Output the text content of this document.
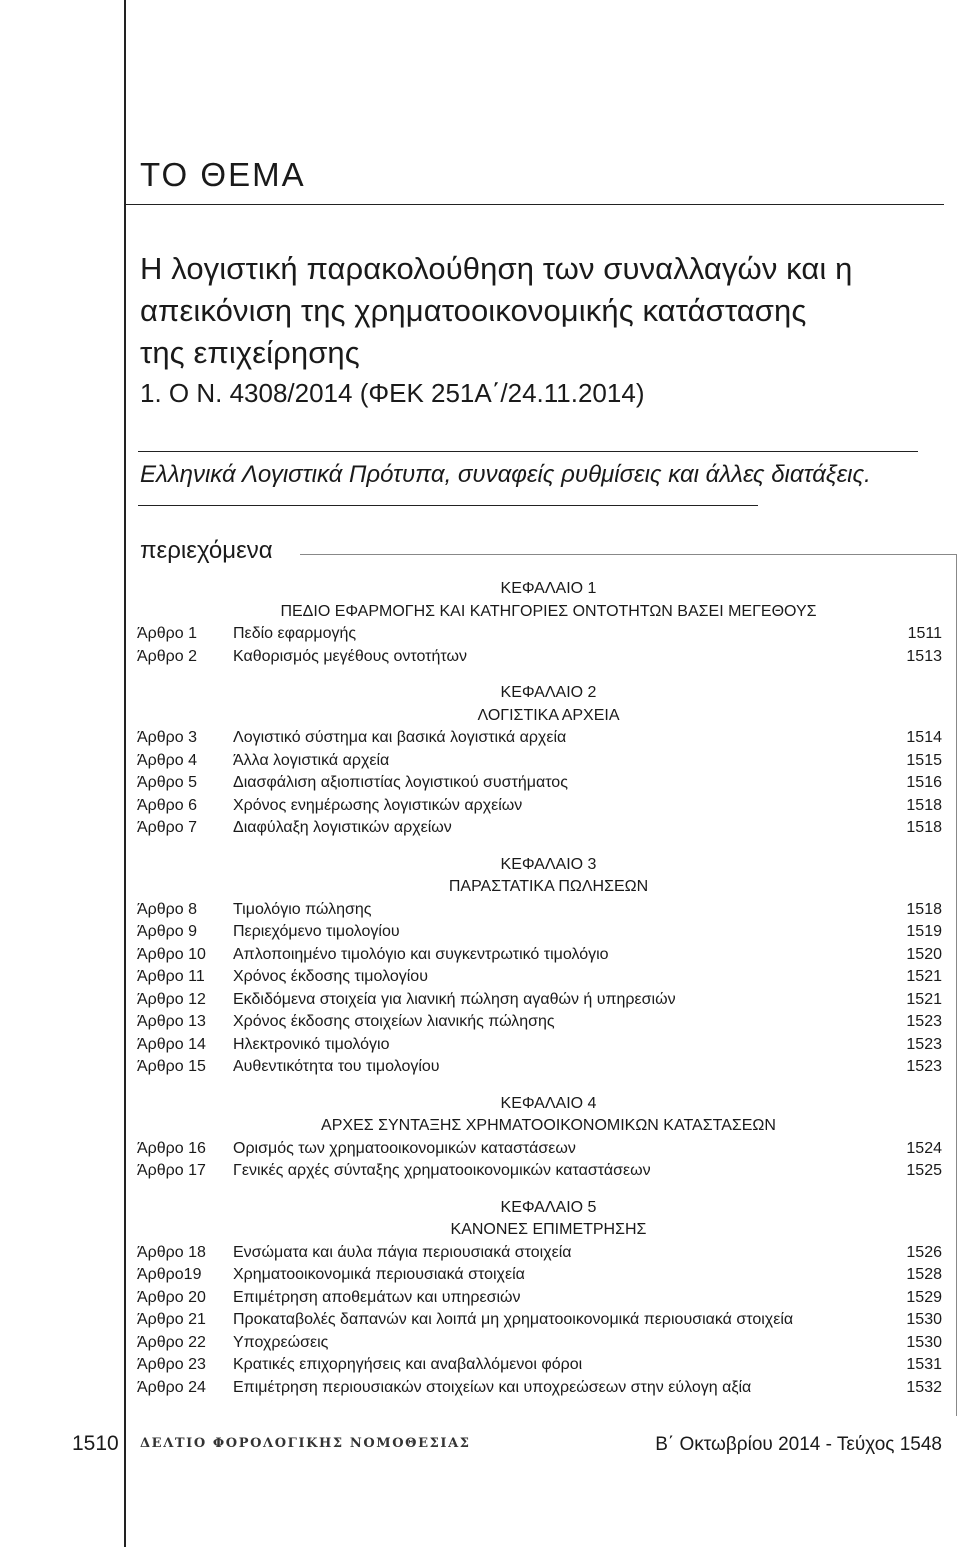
ΤΟ ΘΕΜΑ
Η λογιστική παρακολούθηση των συναλλαγών και η
απεικόνιση της χρηματοοικονομικής κατάστασης
της επιχείρησης
1. Ο Ν. 4308/2014 (ΦΕΚ 251Α΄/24.11.2014)
Ελληνικά Λογιστικά Πρότυπα, συναφείς ρυθμίσεις και άλλες διατάξεις.
περιεχόμενα
ΚΕΦΑΛΑΙΟ 1
ΠΕΔΙΟ ΕΦΑΡΜΟΓΗΣ ΚΑΙ ΚΑΤΗΓΟΡΙΕΣ ΟΝΤΟΤΗΤΩΝ ΒΑΣΕΙ ΜΕΓΕΘΟΥΣ
Άρθρο 1	Πεδίο εφαρμογής	1511
Άρθρο 2	Καθορισμός μεγέθους οντοτήτων	1513
ΚΕΦΑΛΑΙΟ 2
ΛΟΓΙΣΤΙΚΑ ΑΡΧΕΙΑ
Άρθρο 3	Λογιστικό σύστημα και βασικά λογιστικά αρχεία	1514
Άρθρο 4	Άλλα λογιστικά αρχεία	1515
Άρθρο 5	Διασφάλιση αξιοπιστίας λογιστικού συστήματος	1516
Άρθρο 6	Χρόνος ενημέρωσης λογιστικών αρχείων	1518
Άρθρο 7	Διαφύλαξη λογιστικών αρχείων	1518
ΚΕΦΑΛΑΙΟ 3
ΠΑΡΑΣΤΑΤΙΚΑ ΠΩΛΗΣΕΩΝ
Άρθρο 8	Τιμολόγιο πώλησης	1518
Άρθρο 9	Περιεχόμενο τιμολογίου	1519
Άρθρο 10	Απλοποιημένο τιμολόγιο και συγκεντρωτικό τιμολόγιο	1520
Άρθρο 11	Χρόνος έκδοσης τιμολογίου	1521
Άρθρο 12	Εκδιδόμενα στοιχεία για λιανική πώληση αγαθών ή υπηρεσιών	1521
Άρθρο 13	Χρόνος έκδοσης στοιχείων λιανικής πώλησης	1523
Άρθρο 14	Ηλεκτρονικό τιμολόγιο	1523
Άρθρο 15	Αυθεντικότητα του τιμολογίου	1523
ΚΕΦΑΛΑΙΟ 4
ΑΡΧΕΣ ΣΥΝΤΑΞΗΣ ΧΡΗΜΑΤΟΟΙΚΟΝΟΜΙΚΩΝ ΚΑΤΑΣΤΑΣΕΩΝ
Άρθρο 16	Ορισμός των χρηματοοικονομικών καταστάσεων	1524
Άρθρο 17	Γενικές αρχές σύνταξης χρηματοοικονομικών καταστάσεων	1525
ΚΕΦΑΛΑΙΟ 5
ΚΑΝΟΝΕΣ ΕΠΙΜΕΤΡΗΣΗΣ
Άρθρο 18	Ενσώματα και άυλα πάγια περιουσιακά στοιχεία	1526
Άρθρο19	Χρηματοοικονομικά περιουσιακά στοιχεία	1528
Άρθρο 20	Επιμέτρηση αποθεμάτων και υπηρεσιών	1529
Άρθρο 21	Προκαταβολές δαπανών και λοιπά μη χρηματοοικονομικά περιουσιακά στοιχεία	1530
Άρθρο 22	Υποχρεώσεις	1530
Άρθρο 23	Κρατικές επιχορηγήσεις και αναβαλλόμενοι φόροι	1531
Άρθρο 24	Επιμέτρηση περιουσιακών στοιχείων και υποχρεώσεων στην εύλογη αξία	1532
1510 ΔΕΛΤΙΟ ΦΟΡΟΛΟΓΙΚΗΣ ΝΟΜΟΘΕΣΙΑΣ	Β΄ Οκτωβρίου 2014 - Τεύχος 1548
